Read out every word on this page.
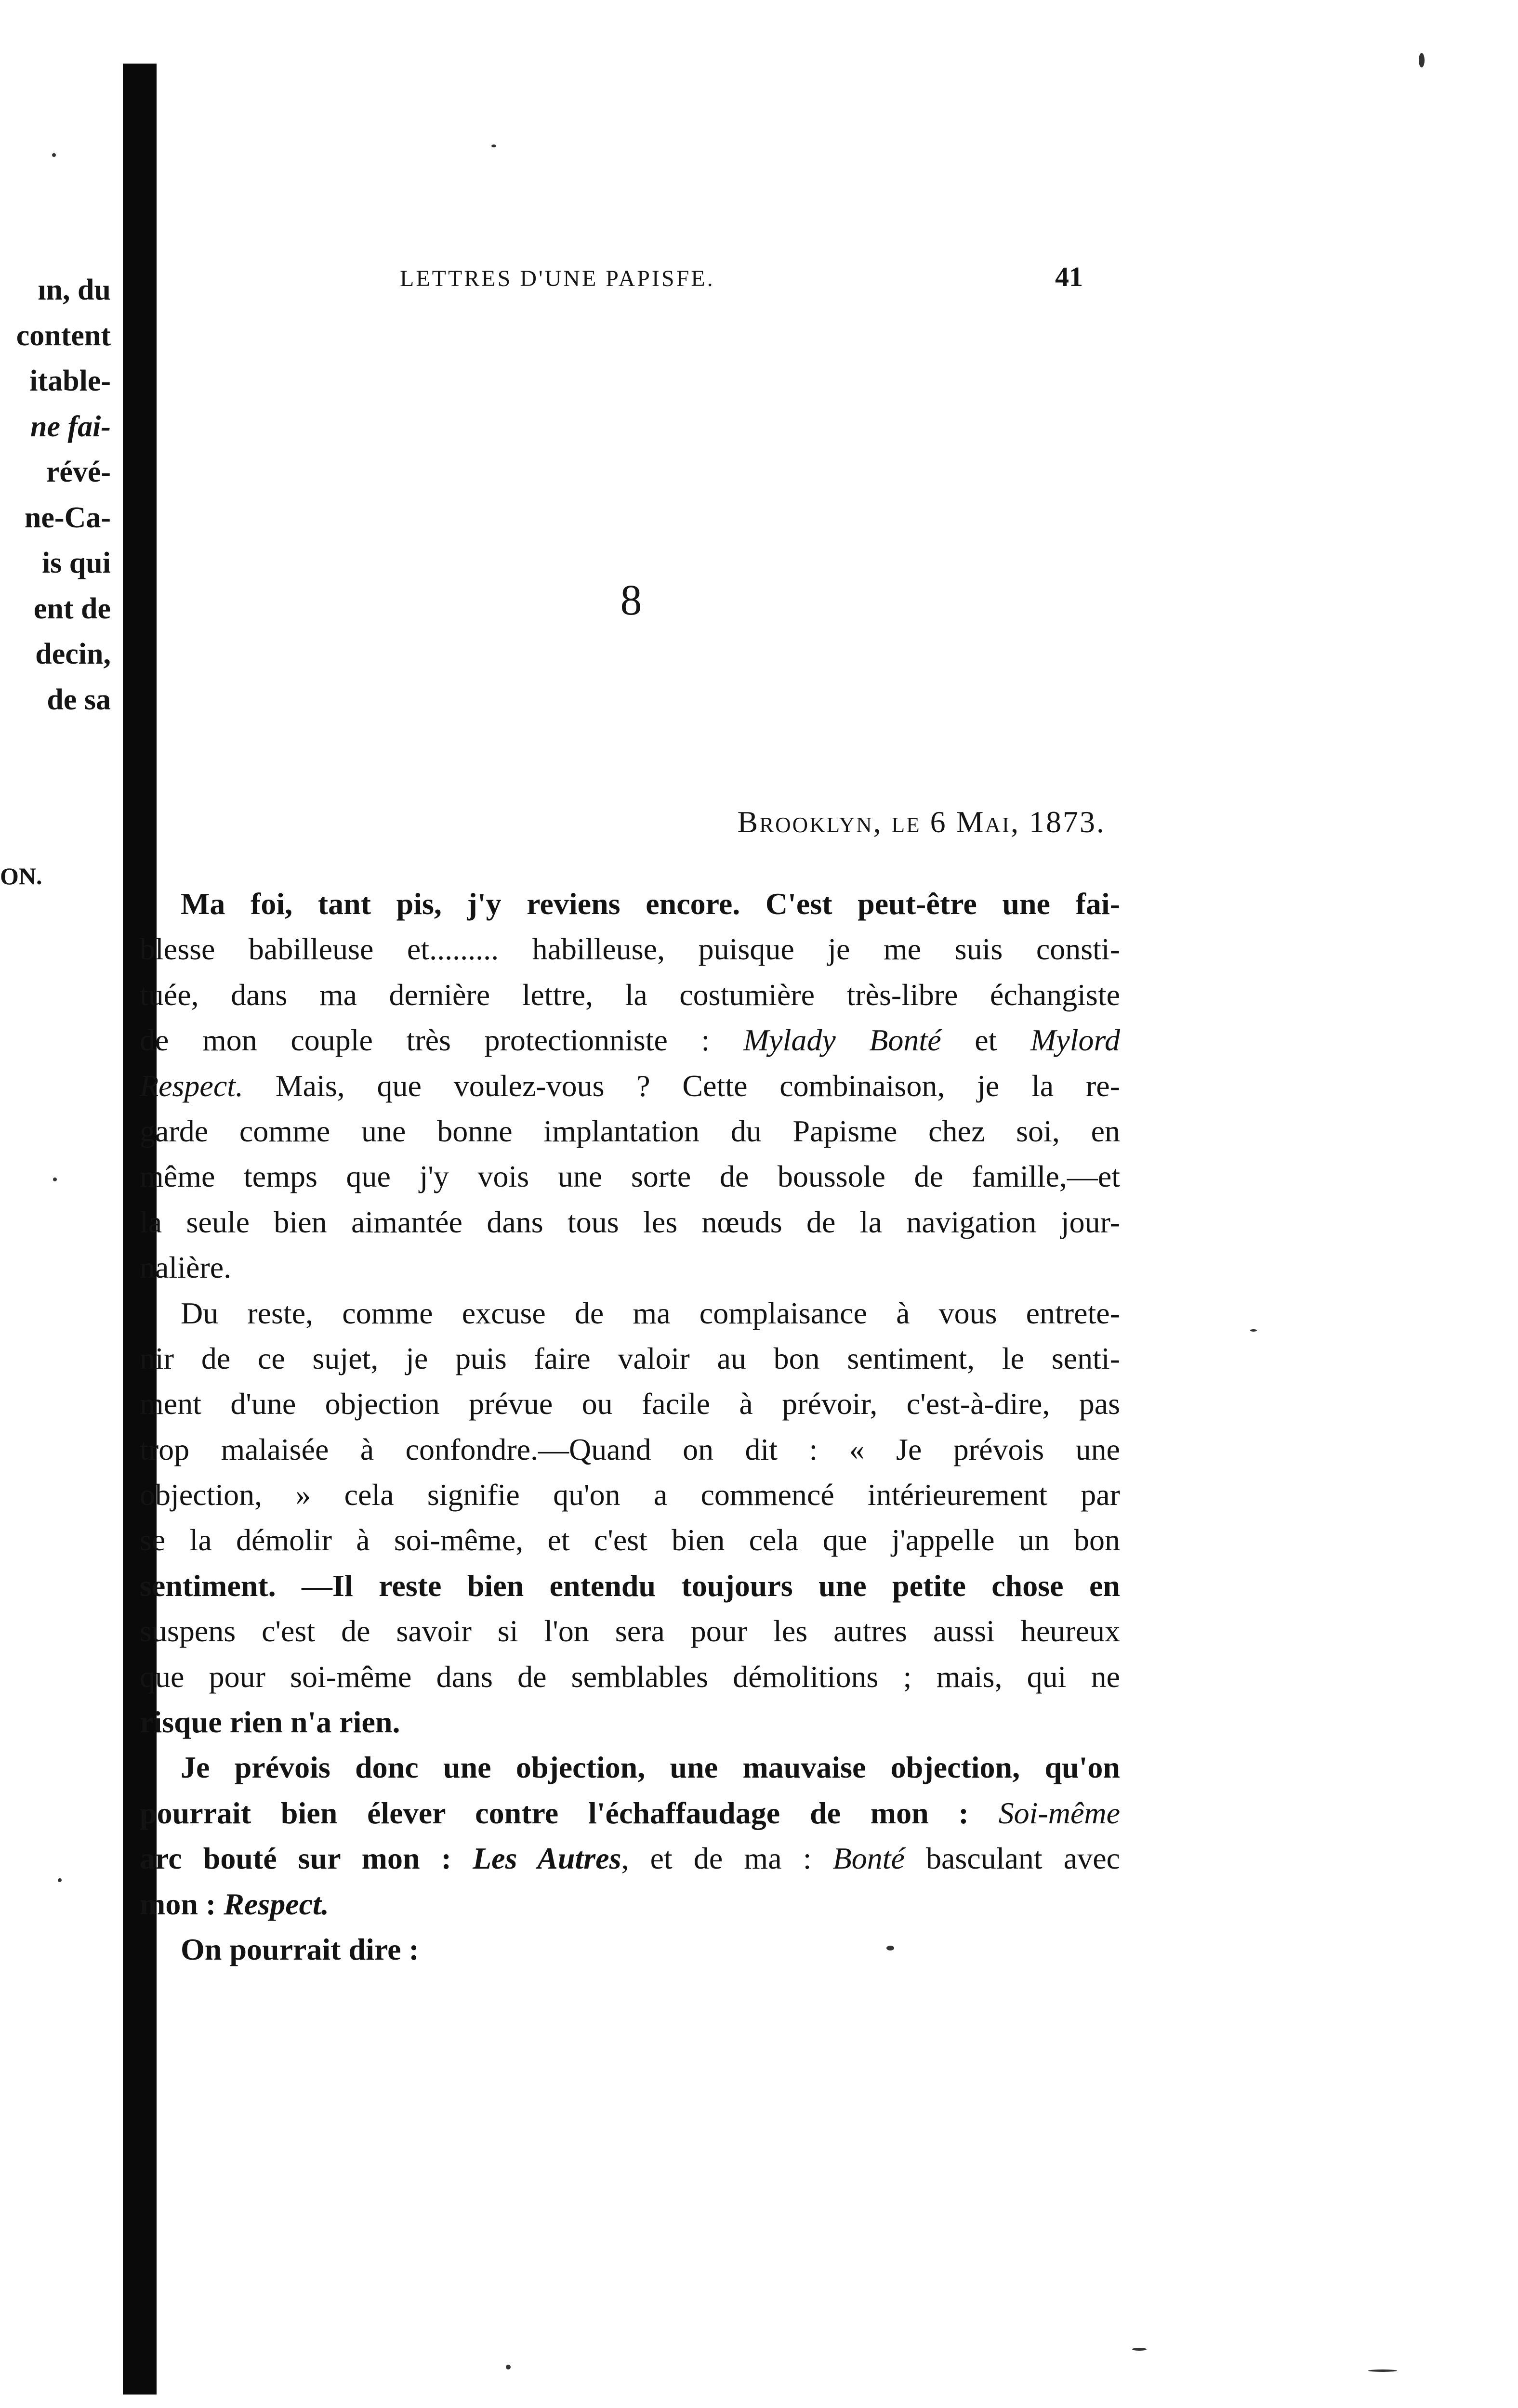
ın, du
content
itable-
ne fai-
révé-
ne-Ca-
is qui
ent de
decin,
de sa
ON.
LETTRES D'UNE PAPISFE.	41
8
Brooklyn, le 6 Mai, 1873.
Ma foi, tant pis, j'y reviens encore. C'est peut-être une fai-
blesse babilleuse et......... habilleuse, puisque je me suis consti-
tuée, dans ma dernière lettre, la costumière très-libre échangiste
de mon couple très protectionniste : Mylady Bonté et Mylord
Respect. Mais, que voulez-vous ? Cette combinaison, je la re-
garde comme une bonne implantation du Papisme chez soi, en
même temps que j'y vois une sorte de boussole de famille,—et
la seule bien aimantée dans tous les nœuds de la navigation jour-
nalière.
Du reste, comme excuse de ma complaisance à vous entrete-
nir de ce sujet, je puis faire valoir au bon sentiment, le senti-
ment d'une objection prévue ou facile à prévoir, c'est-à-dire, pas
trop malaisée à confondre.—Quand on dit : « Je prévois une
objection, » cela signifie qu'on a commencé intérieurement par
se la démolir à soi-même, et c'est bien cela que j'appelle un bon
sentiment. —Il reste bien entendu toujours une petite chose en
suspens c'est de savoir si l'on sera pour les autres aussi heureux
que pour soi-même dans de semblables démolitions ; mais, qui ne
risque rien n'a rien.
Je prévois donc une objection, une mauvaise objection, qu'on
pourrait bien élever contre l'échaffaudage de mon : Soi-même
arc bouté sur mon : Les Autres, et de ma : Bonté basculant avec
mon : Respect.
On pourrait dire :
